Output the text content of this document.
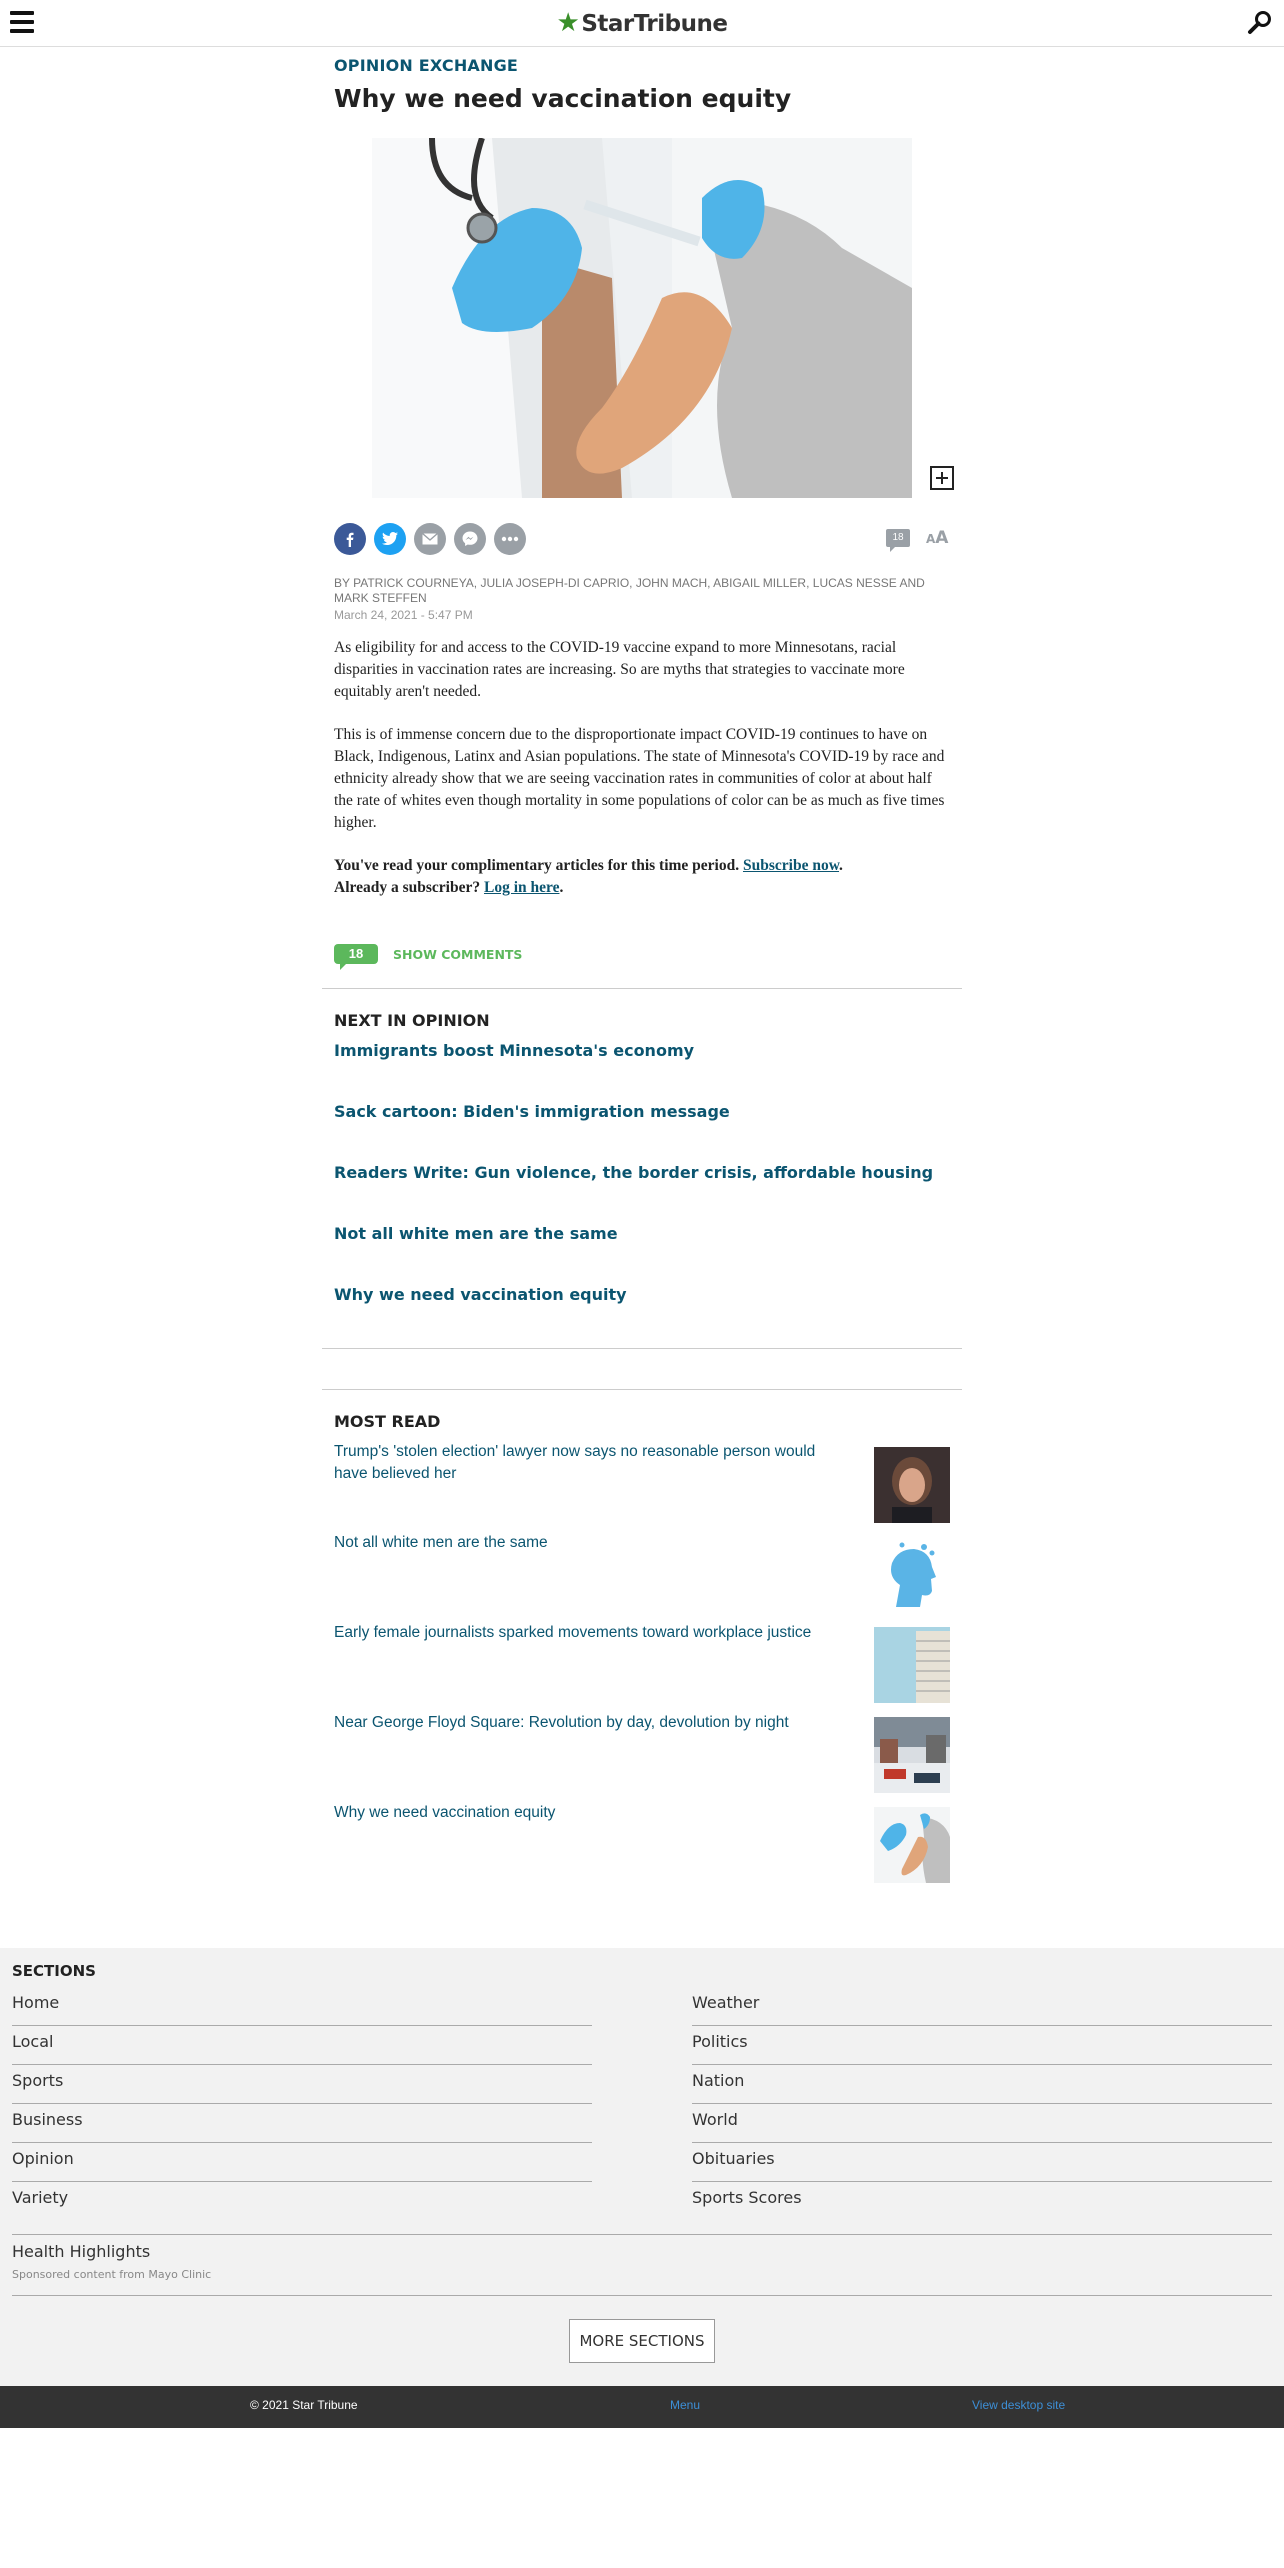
★StarTribune
OPINION EXCHANGE
Why we need vaccination equity
18	AA
BY PATRICK COURNEYA, JULIA JOSEPH-DI CAPRIO, JOHN MACH, ABIGAIL MILLER, LUCAS NESSE AND MARK STEFFEN
March 24, 2021 - 5:47 PM
As eligibility for and access to the COVID-19 vaccine expand to more Minnesotans, racial disparities in vaccination rates are increasing. So are myths that strategies to vaccinate more equitably aren't needed.
This is of immense concern due to the disproportionate impact COVID-19 continues to have on Black, Indigenous, Latinx and Asian populations. The state of Minnesota's COVID-19 by race and ethnicity already show that we are seeing vaccination rates in communities of color at about half the rate of whites even though mortality in some populations of color can be as much as five times higher.
You've read your complimentary articles for this time period. Subscribe now.
Already a subscriber? Log in here.
18	SHOW COMMENTS
NEXT IN OPINION
Immigrants boost Minnesota's economy
Sack cartoon: Biden's immigration message
Readers Write: Gun violence, the border crisis, affordable housing
Not all white men are the same
Why we need vaccination equity
MOST READ
Trump's 'stolen election' lawyer now says no reasonable person would have believed her
Not all white men are the same
Early female journalists sparked movements toward workplace justice
Near George Floyd Square: Revolution by day, devolution by night
Why we need vaccination equity
SECTIONS
Home
Local
Sports
Business
Opinion
Variety
Weather
Politics
Nation
World
Obituaries
Sports Scores
Health Highlights
Sponsored content from Mayo Clinic
MORE SECTIONS
© 2021 Star Tribune	Menu	View desktop site
